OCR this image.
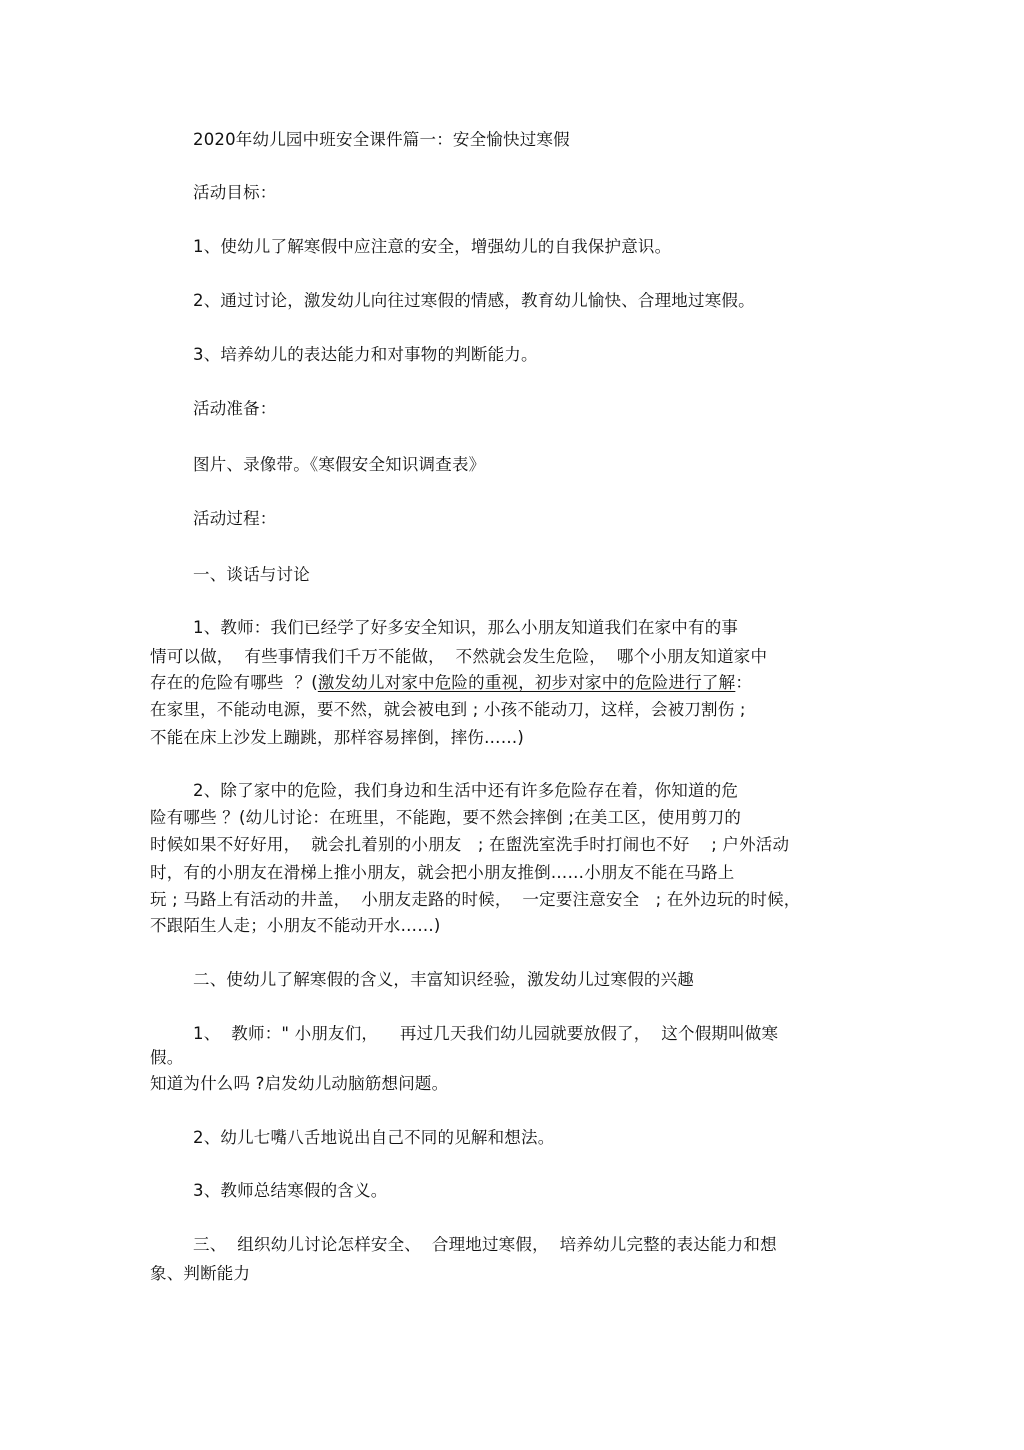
2020年幼儿园中班安全课件篇一：安全愉快过寒假
活动目标：
1、使幼儿了解寒假中应注意的安全，增强幼儿的自我保护意识。
2、通过讨论，激发幼儿向往过寒假的情感，教育幼儿愉快、合理地过寒假。
3、培养幼儿的表达能力和对事物的判断能力。
活动准备：
图片、录像带。《寒假安全知识调查表》
活动过程：
一、谈话与讨论
1、教师：我们已经学了好多安全知识，那么小朋友知道我们在家中有的事
情可以做，  有些事情我们千万不能做，  不然就会发生危险，  哪个小朋友知道家中
存在的危险有哪些  ？(激发幼儿对家中危险的重视，初步对家中的危险进行了解：
在家里，不能动电源，要不然，就会被电到 ; 小孩不能动刀，这样，会被刀割伤 ;
不能在床上沙发上蹦跳，那样容易摔倒，摔伤……)
2、除了家中的危险，我们身边和生活中还有许多危险存在着，你知道的危
险有哪些 ？(幼儿讨论：在班里，不能跑，要不然会摔倒 ;在美工区，使用剪刀的
时候如果不好好用，  就会扎着别的小朋友   ; 在盥洗室洗手时打闹也不好    ; 户外活动
时，有的小朋友在滑梯上推小朋友，就会把小朋友推倒……小朋友不能在马路上
玩 ; 马路上有活动的井盖，  小朋友走路的时候，  一定要注意安全   ; 在外边玩的时候，
不跟陌生人走；小朋友不能动开水……)
二、使幼儿了解寒假的含义，丰富知识经验，激发幼儿过寒假的兴趣
1、  教师：" 小朋友们，    再过几天我们幼儿园就要放假了，  这个假期叫做寒
假。
知道为什么吗 ?启发幼儿动脑筋想问题。
2、幼儿七嘴八舌地说出自己不同的见解和想法。
3、教师总结寒假的含义。
三、  组织幼儿讨论怎样安全、  合理地过寒假，  培养幼儿完整的表达能力和想
象、判断能力
